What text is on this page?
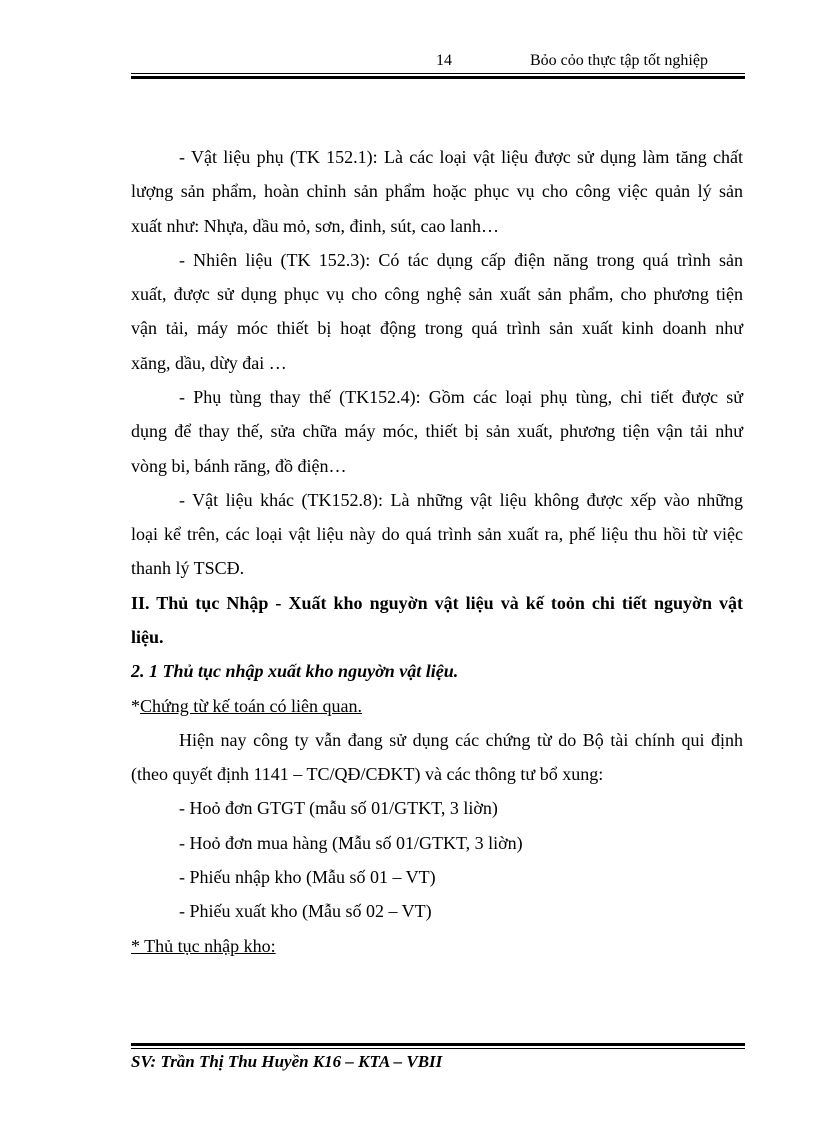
14	Bỏo cỏo thực tập tốt nghiệp
- Vật liệu phụ (TK 152.1): Là các loại vật liệu được sử dụng làm tăng chất
lượng sản phẩm, hoàn chỉnh sản phẩm hoặc phục vụ cho công việc quản lý sản
xuất như: Nhựa, dầu mỏ, sơn, đinh, sút, cao lanh…
- Nhiên liệu (TK 152.3): Có tác dụng cấp điện năng trong quá trình sản
xuất, được sử dụng phục vụ cho công nghệ sản xuất sản phẩm, cho phương tiện
vận tải, máy móc thiết bị hoạt động trong quá trình sản xuất kinh doanh như
xăng, dầu, dừy đai …
- Phụ tùng thay thế (TK152.4): Gồm các loại phụ tùng, chi tiết được sử
dụng để thay thế, sửa chữa máy móc, thiết bị sản xuất, phương tiện vận tải như
vòng bi, bánh răng, đồ điện…
- Vật liệu khác (TK152.8): Là những vật liệu không được xếp vào những
loại kể trên, các loại vật liệu này do quá trình sản xuất ra, phế liệu thu hồi từ việc
thanh lý TSCĐ.
II. Thủ tục Nhập - Xuất kho nguyờn vật liệu và kế toỏn chi tiết nguyờn vật
liệu.
2. 1 Thủ tục nhập xuất kho nguyờn vật liệu.
*Chứng từ kế toán có liên quan.
Hiện nay công ty vẫn đang sử dụng các chứng từ do Bộ tài chính qui định
(theo quyết định 1141 – TC/QĐ/CĐKT) và các thông tư bổ xung:
- Hoỏ đơn GTGT (mẫu số 01/GTKT, 3 liờn)
- Hoỏ đơn mua hàng (Mẫu số 01/GTKT, 3 liờn)
- Phiếu nhập kho (Mẫu số 01 – VT)
- Phiếu xuất kho (Mẫu số 02 – VT)
* Thủ tục nhập kho:
SV: Trần Thị Thu Huyền K16 – KTA – VBII
